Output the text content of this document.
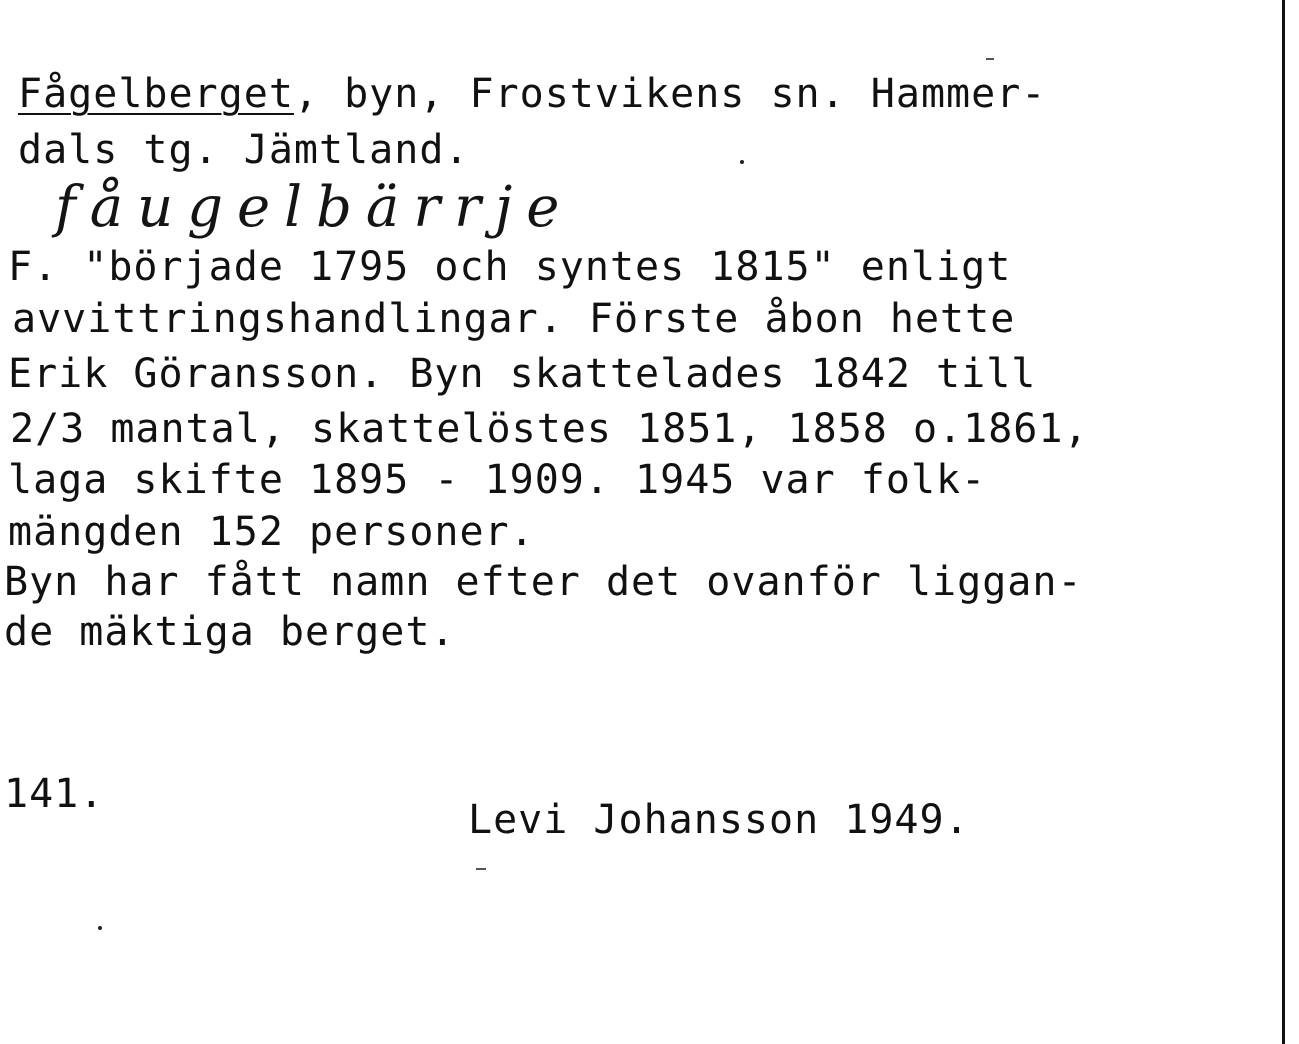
Fågelberget, byn, Frostvikens sn. Hammer-
dals tg. Jämtland.
fåugelbärrje
F. "började 1795 och syntes 1815" enligt
avvittringshandlingar. Förste åbon hette
Erik Göransson. Byn skattelades 1842 till
2/3 mantal, skattelöstes 1851, 1858 o.1861,
laga skifte 1895 - 1909. 1945 var folk-
mängden 152 personer.
Byn har fått namn efter det ovanför liggan-
de mäktiga berget.
141.
Levi Johansson 1949.
